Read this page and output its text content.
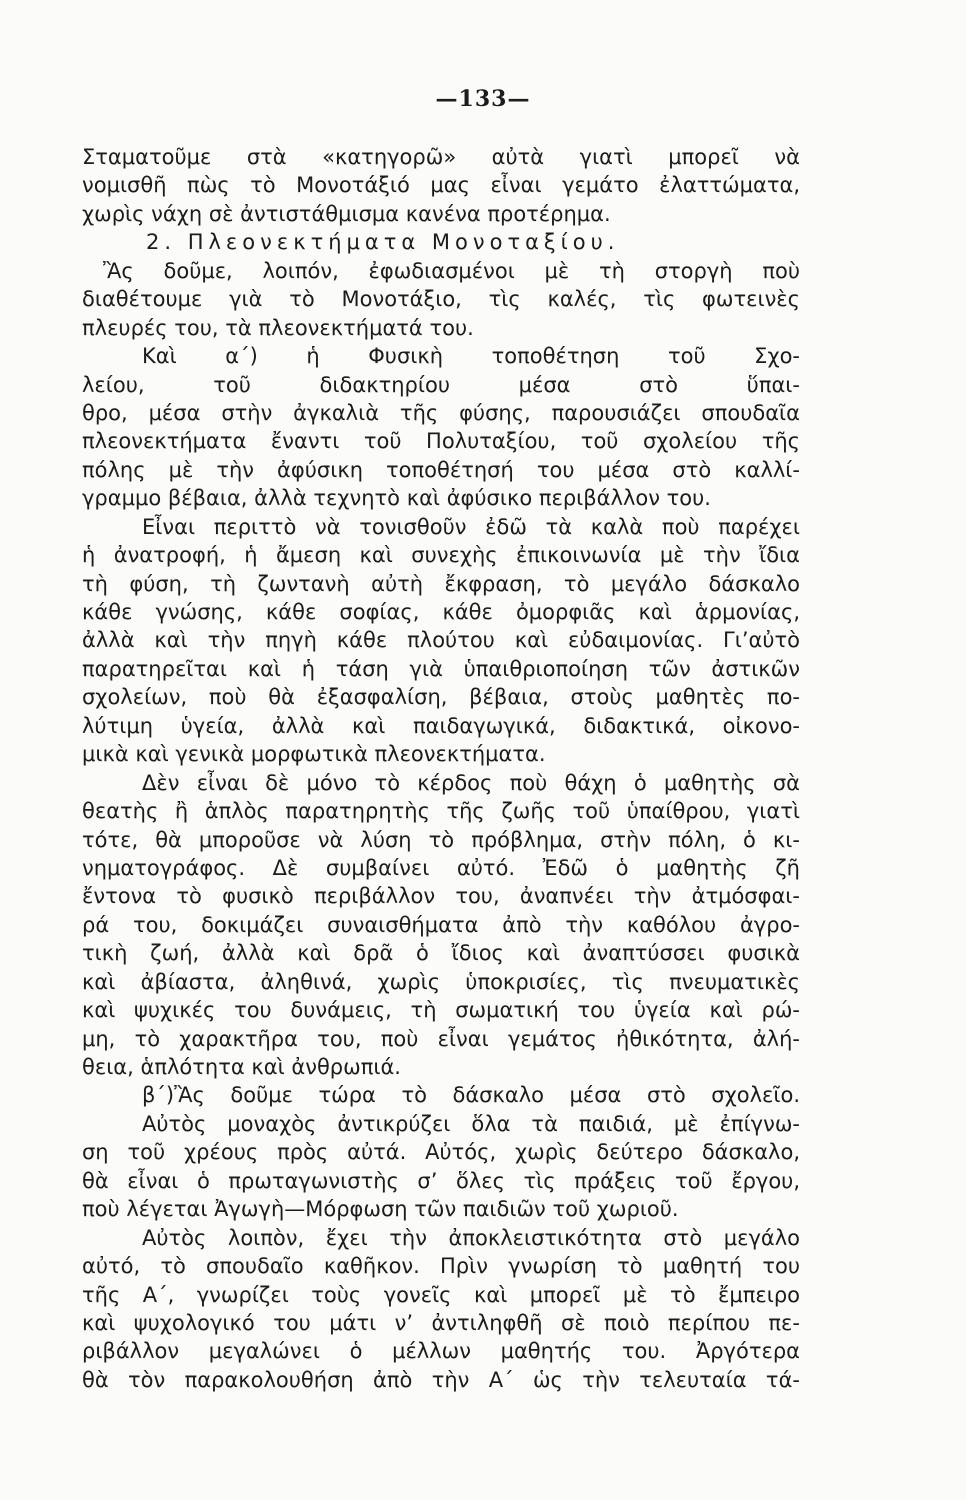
—133—
Σταματοῦμε στὰ «κατηγορῶ» αὐτὰ γιατὶ μπορεῖ νὰ
νομισθῆ πὼς τὸ Μονοτάξιό μας εἶναι γεμάτο ἐλαττώματα,
χωρὶς νάχη σὲ ἀντιστάθμισμα κανένα προτέρημα.
2. Πλεονεκτήματα Μονοταξίου.
Ἂς δοῦμε, λοιπόν, ἐφωδιασμένοι μὲ τὴ στοργὴ ποὺ
διαθέτουμε γιὰ τὸ Μονοτάξιο, τὶς καλές, τὶς φωτεινὲς
πλευρές του, τὰ πλεονεκτήματά του.
Καὶ α΄) ἡ Φυσικὴ τοποθέτηση τοῦ Σχο-
λείου, τοῦ διδακτηρίου μέσα στὸ ὕπαι-
θρο, μέσα στὴν ἀγκαλιὰ τῆς φύσης, παρουσιάζει σπουδαῖα
πλεονεκτήματα ἔναντι τοῦ Πολυταξίου, τοῦ σχολείου τῆς
πόλης μὲ τὴν ἀφύσικη τοποθέτησή του μέσα στὸ καλλί-
γραμμο βέβαια, ἀλλὰ τεχνητὸ καὶ ἀφύσικο περιβάλλον του.
Εἶναι περιττὸ νὰ τονισθοῦν ἐδῶ τὰ καλὰ ποὺ παρέχει
ἡ ἀνατροφή, ἡ ἄμεση καὶ συνεχὴς ἐπικοινωνία μὲ τὴν ἴδια
τὴ φύση, τὴ ζωντανὴ αὐτὴ ἔκφραση, τὸ μεγάλο δάσκαλο
κάθε γνώσης, κάθε σοφίας, κάθε ὀμορφιᾶς καὶ ἁρμονίας,
ἀλλὰ καὶ τὴν πηγὴ κάθε πλούτου καὶ εὐδαιμονίας. Γι’αὐτὸ
παρατηρεῖται καὶ ἡ τάση γιὰ ὑπαιθριοποίηση τῶν ἀστικῶν
σχολείων, ποὺ θὰ ἐξασφαλίση, βέβαια, στοὺς μαθητὲς πο-
λύτιμη ὑγεία, ἀλλὰ καὶ παιδαγωγικά, διδακτικά, οἰκονο-
μικὰ καὶ γενικὰ μορφωτικὰ πλεονεκτήματα.
Δὲν εἶναι δὲ μόνο τὸ κέρδος ποὺ θάχη ὁ μαθητὴς σὰ
θεατὴς ἢ ἁπλὸς παρατηρητὴς τῆς ζωῆς τοῦ ὑπαίθρου, γιατὶ
τότε, θὰ μποροῦσε νὰ λύση τὸ πρόβλημα, στὴν πόλη, ὁ κι-
νηματογράφος. Δὲ συμβαίνει αὐτό. Ἐδῶ ὁ μαθητὴς ζῆ
ἔντονα τὸ φυσικὸ περιβάλλον του, ἀναπνέει τὴν ἀτμόσφαι-
ρά του, δοκιμάζει συναισθήματα ἀπὸ τὴν καθόλου ἀγρο-
τικὴ ζωή, ἀλλὰ καὶ δρᾶ ὁ ἴδιος καὶ ἀναπτύσσει φυσικὰ
καὶ ἀβίαστα, ἀληθινά, χωρὶς ὑποκρισίες, τὶς πνευματικὲς
καὶ ψυχικές του δυνάμεις, τὴ σωματική του ὑγεία καὶ ρώ-
μη, τὸ χαρακτῆρα του, ποὺ εἶναι γεμάτος ἠθικότητα, ἀλή-
θεια, ἁπλότητα καὶ ἀνθρωπιά.
β΄)Ἂς δοῦμε τώρα τὸ δάσκαλο μέσα στὸ σχολεῖο.
Αὐτὸς μοναχὸς ἀντικρύζει ὅλα τὰ παιδιά, μὲ ἐπίγνω-
ση τοῦ χρέους πρὸς αὐτά. Αὐτός, χωρὶς δεύτερο δάσκαλο,
θὰ εἶναι ὁ πρωταγωνιστὴς σ’ ὅλες τὶς πράξεις τοῦ ἔργου,
ποὺ λέγεται Ἀγωγὴ—Μόρφωση τῶν παιδιῶν τοῦ χωριοῦ.
Αὐτὸς λοιπὸν, ἔχει τὴν ἀποκλειστικότητα στὸ μεγάλο
αὐτό, τὸ σπουδαῖο καθῆκον. Πρὶν γνωρίση τὸ μαθητή του
τῆς Α΄, γνωρίζει τοὺς γονεῖς καὶ μπορεῖ μὲ τὸ ἔμπειρο
καὶ ψυχολογικό του μάτι ν’ ἀντιληφθῆ σὲ ποιὸ περίπου πε-
ριβάλλον μεγαλώνει ὁ μέλλων μαθητής του. Ἀργότερα
θὰ τὸν παρακολουθήση ἀπὸ τὴν Α΄ ὡς τὴν τελευταία τά-
